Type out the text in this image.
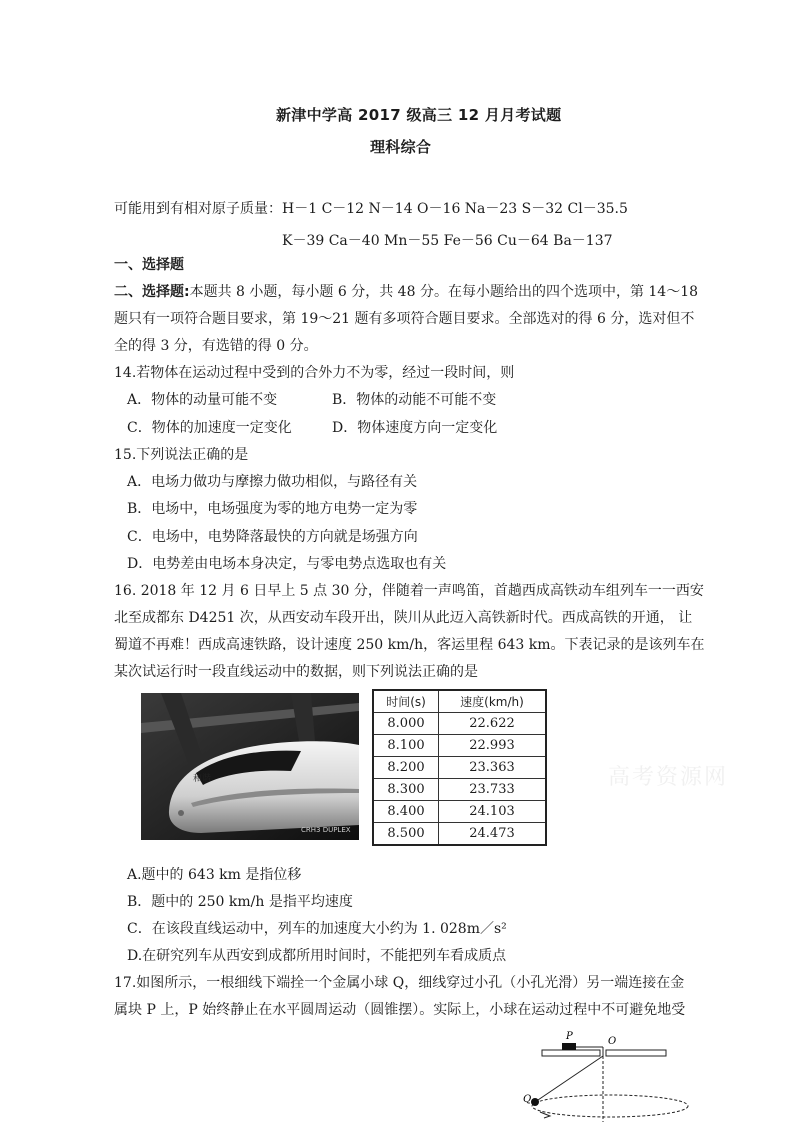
新津中学高 2017 级高三 12 月月考试题
理科综合
可能用到有相对原子质量：H－1 C－12 N－14 O－16 Na－23 S－32 Cl－35.5
K－39 Ca－40 Mn－55 Fe－56 Cu－64 Ba－137
一、选择题
二、选择题:本题共 8 小题，每小题 6 分，共 48 分。在每小题给出的四个选项中，第 14～18
题只有一项符合题目要求，第 19～21 题有多项符合题目要求。全部选对的得 6 分，选对但不
全的得 3 分，有选错的得 0 分。
14.若物体在运动过程中受到的合外力不为零，经过一段时间，则
A．物体的动量可能不变	B．物体的动能不可能不变
C．物体的加速度一定变化	D．物体速度方向一定变化
15.下列说法正确的是
A．电场力做功与摩擦力做功相似，与路径有关
B．电场中，电场强度为零的地方电势一定为零
C．电场中，电势降落最快的方向就是场强方向
D．电势差由电场本身决定，与零电势点选取也有关
16. 2018 年 12 月 6 日早上 5 点 30 分，伴随着一声鸣笛，首趟西成高铁动车组列车一一西安
北至成都东 D4251 次，从西安动车段开出，陕川从此迈入高铁新时代。西成高铁的开通， 让
蜀道不再难！西成高速铁路，设计速度 250 km/h，客运里程 643 km。下表记录的是该列车在
某次试运行时一段直线运动中的数据，则下列说法正确的是
和谐
CRH3 DUPLEX
时间(s)	速度(km/h)
8.000	22.622
8.100	22.993
8.200	23.363
8.300	23.733
8.400	24.103
8.500	24.473
高考资源网
A.题中的 643 km 是指位移
B．题中的 250 km/h 是指平均速度
C．在该段直线运动中，列车的加速度大小约为 1. 028m／s²
D.在研究列车从西安到成都所用时间时，不能把列车看成质点
17.如图所示，一根细线下端拴一个金属小球 Q，细线穿过小孔（小孔光滑）另一端连接在金
属块 P 上，P 始终静止在水平圆周运动（圆锥摆）。实际上，小球在运动过程中不可避免地受
P	O
Q
